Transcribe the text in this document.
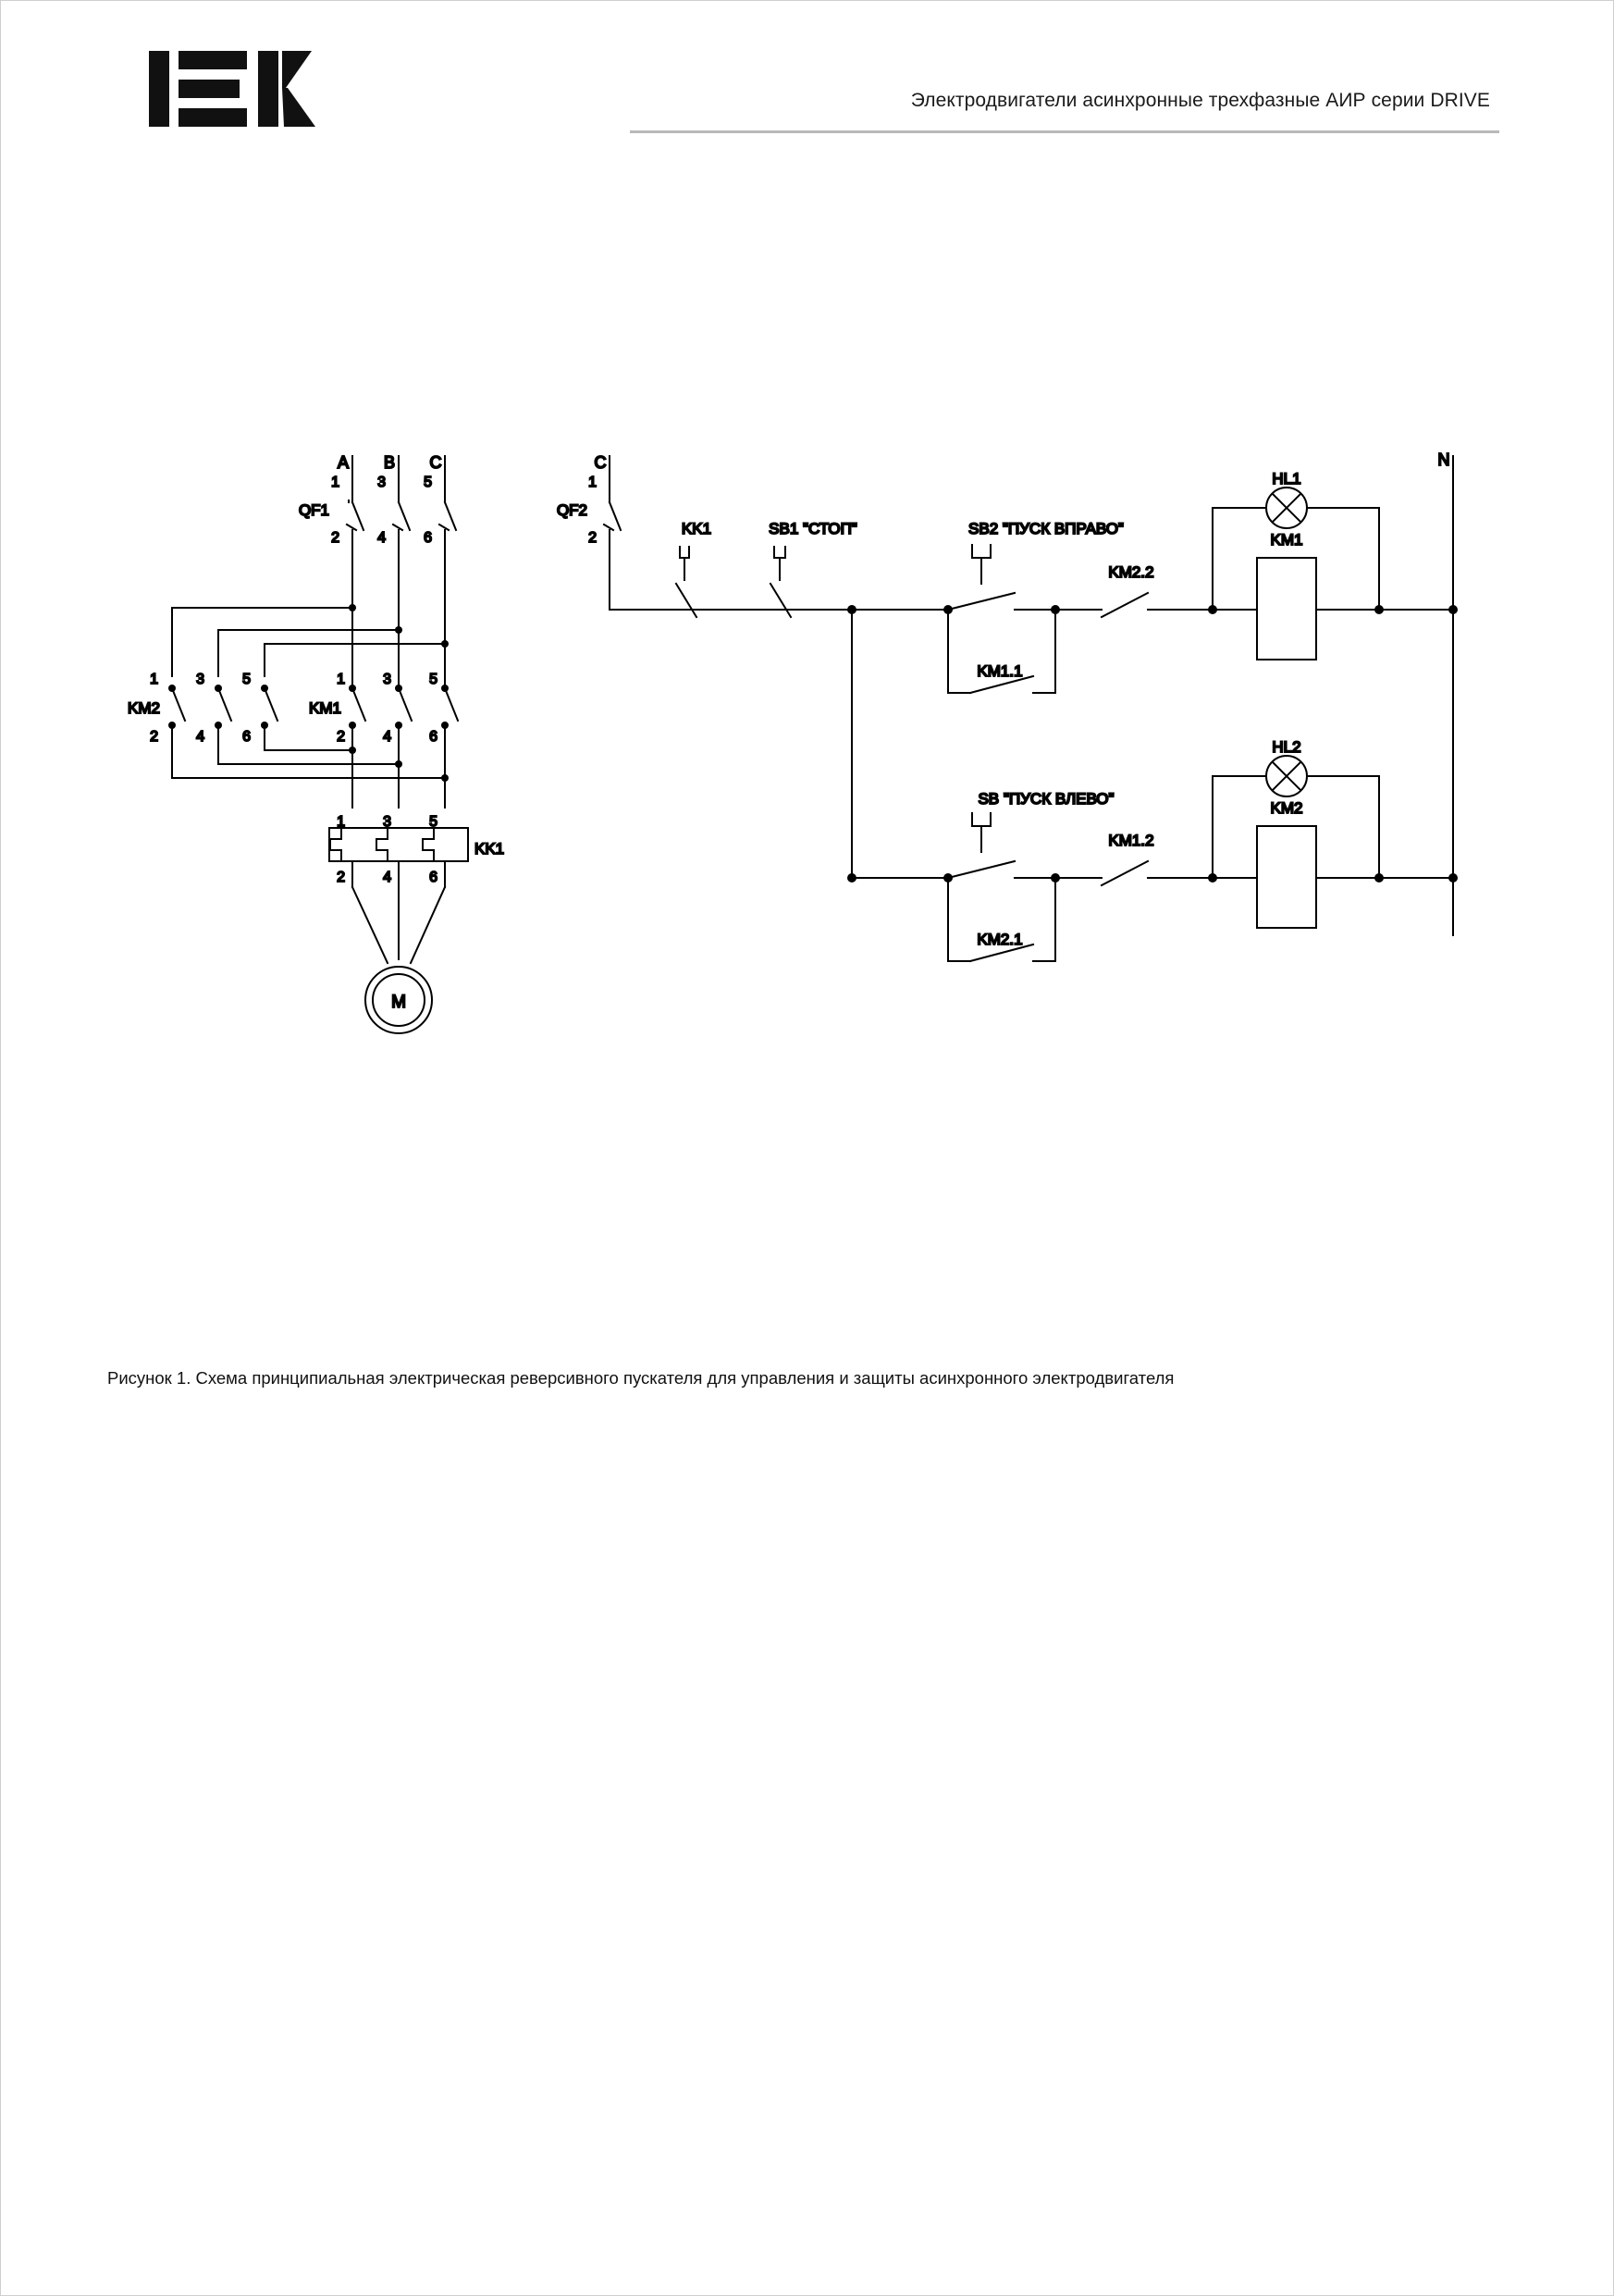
Электродвигатели асинхронные трехфазные АИР серии DRIVE
A B C
1	3	5
2	4	6
QF1
KM2
1	3	5
2	4	6
KM1
1	3	5
2	4	6
1	3	5
2	4	6
KK1
M
C
1
2
QF2
KK1	SB1 "СТОП"	SB2 "ПУСК ВПРАВО"
KM1.1
KM2.2
HL1
KM1
N
SB "ПУСК ВЛЕВО"
KM2.1
KM1.2
HL2
KM2
Рисунок 1. Схема принципиальная электрическая реверсивного пускателя для управления и защиты асинхронного электродвигателя
